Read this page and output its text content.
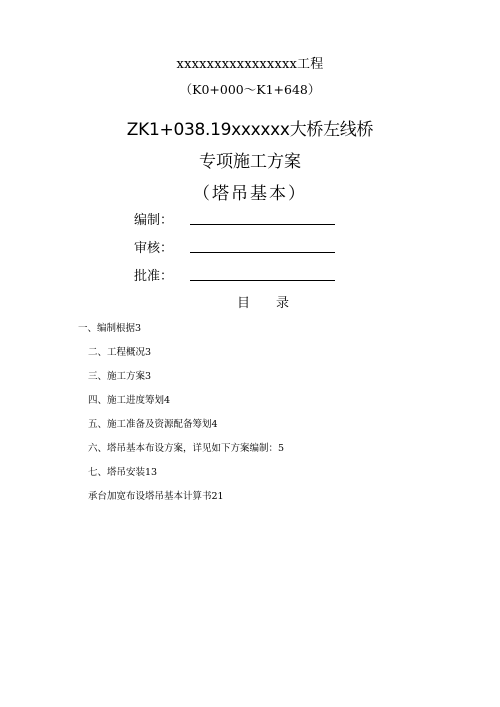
xxxxxxxxxxxxxxxx工程
（K0+000～K1+648）
ZK1+038.19xxxxxx大桥左线桥
专项施工方案
（塔吊基本）
编制：
审核：
批准：
目录
一、编制根据3
二、工程概况3
三、施工方案3
四、施工进度筹划4
五、施工准备及资源配备筹划4
六、塔吊基本布设方案，详见如下方案编制：5
七、塔吊安装13
承台加宽布设塔吊基本计算书21
